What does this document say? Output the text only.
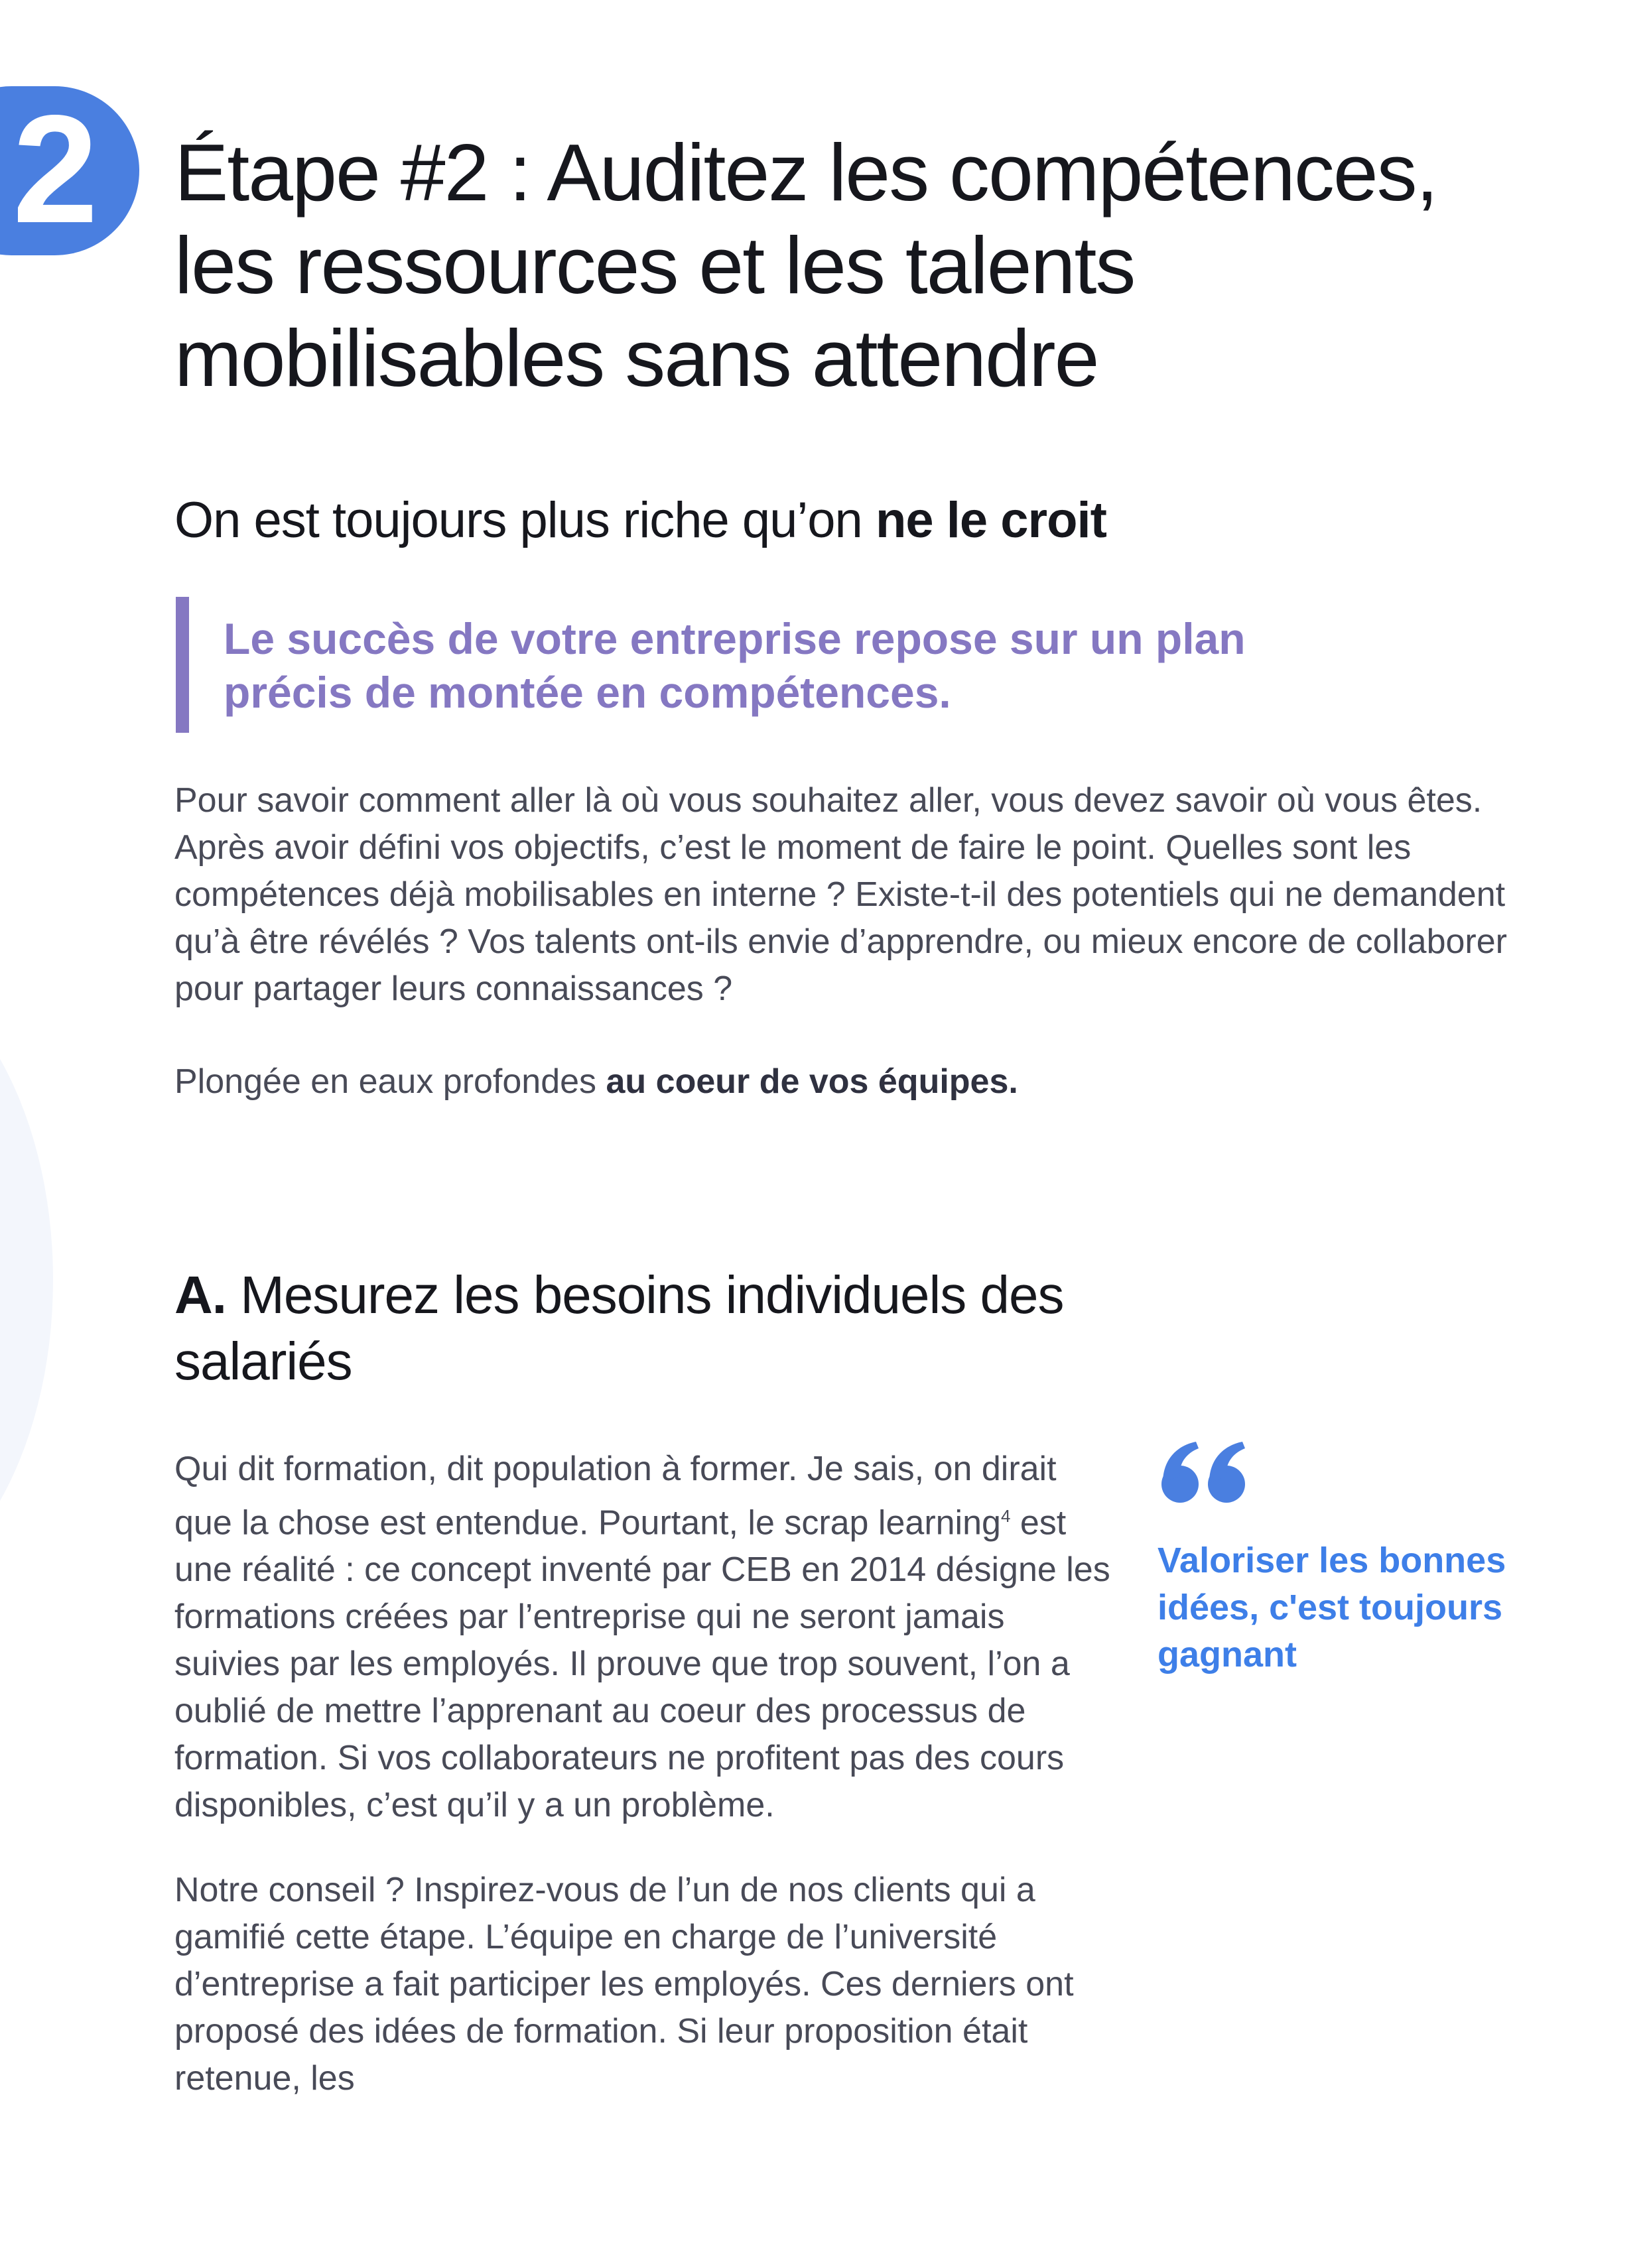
2 Étape #2 : Auditez les compétences, les ressources et les talents mobilisables sans attendre
On est toujours plus riche qu’on ne le croit

Le succès de votre entreprise repose sur un plan précis de montée en compétences.

Pour savoir comment aller là où vous souhaitez aller, vous devez savoir où vous êtes. Après avoir défini vos objectifs, c’est le moment de faire le point. Quelles sont les compétences déjà mobilisables en interne ? Existe-t-il des potentiels qui ne demandent qu’à être révélés ? Vos talents ont-ils envie d’apprendre, ou mieux encore de collaborer pour partager leurs connaissances ?

Plongée en eaux profondes au coeur de vos équipes.

A. Mesurez les besoins individuels des salariés

Qui dit formation, dit population à former. Je sais, on dirait que la chose est entendue. Pourtant, le scrap learning$^4$ est une réalité : ce concept inventé par CEB en 2014 désigne les formations créées par l’entreprise qui ne seront jamais suivies par les employés. Il prouve que trop souvent, l’on a oublié de mettre l’apprenant au coeur des processus de formation. Si vos collaborateurs ne profitent pas des cours disponibles, c’est qu’il y a un problème.

Notre conseil ? Inspirez-vous de l’un de nos clients qui a gamifié cette étape. L’équipe en charge de l’université d’entreprise a fait participer les employés. Ces derniers ont proposé des idées de formation. Si leur proposition était retenue, les

Valoriser les bonnes idées, c'est toujours gagnant
